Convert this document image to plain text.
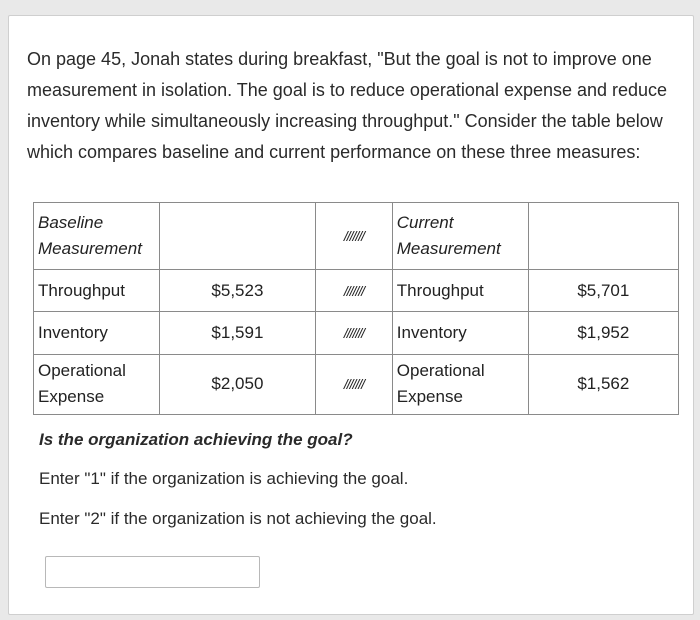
On page 45, Jonah states during breakfast, "But the goal is not to improve one measurement in isolation. The goal is to reduce operational expense and reduce inventory while simultaneously increasing throughput." Consider the table below which compares baseline and current performance on these three measures:

Baseline Measurement		///////	Current Measurement	
Throughput	$5,523	///////	Throughput	$5,701
Inventory	$1,591	///////	Inventory	$1,952
Operational Expense	$2,050	///////	Operational Expense	$1,562

Is the organization achieving the goal?

Enter "1" if the organization is achieving the goal.

Enter "2" if the organization is not achieving the goal.
